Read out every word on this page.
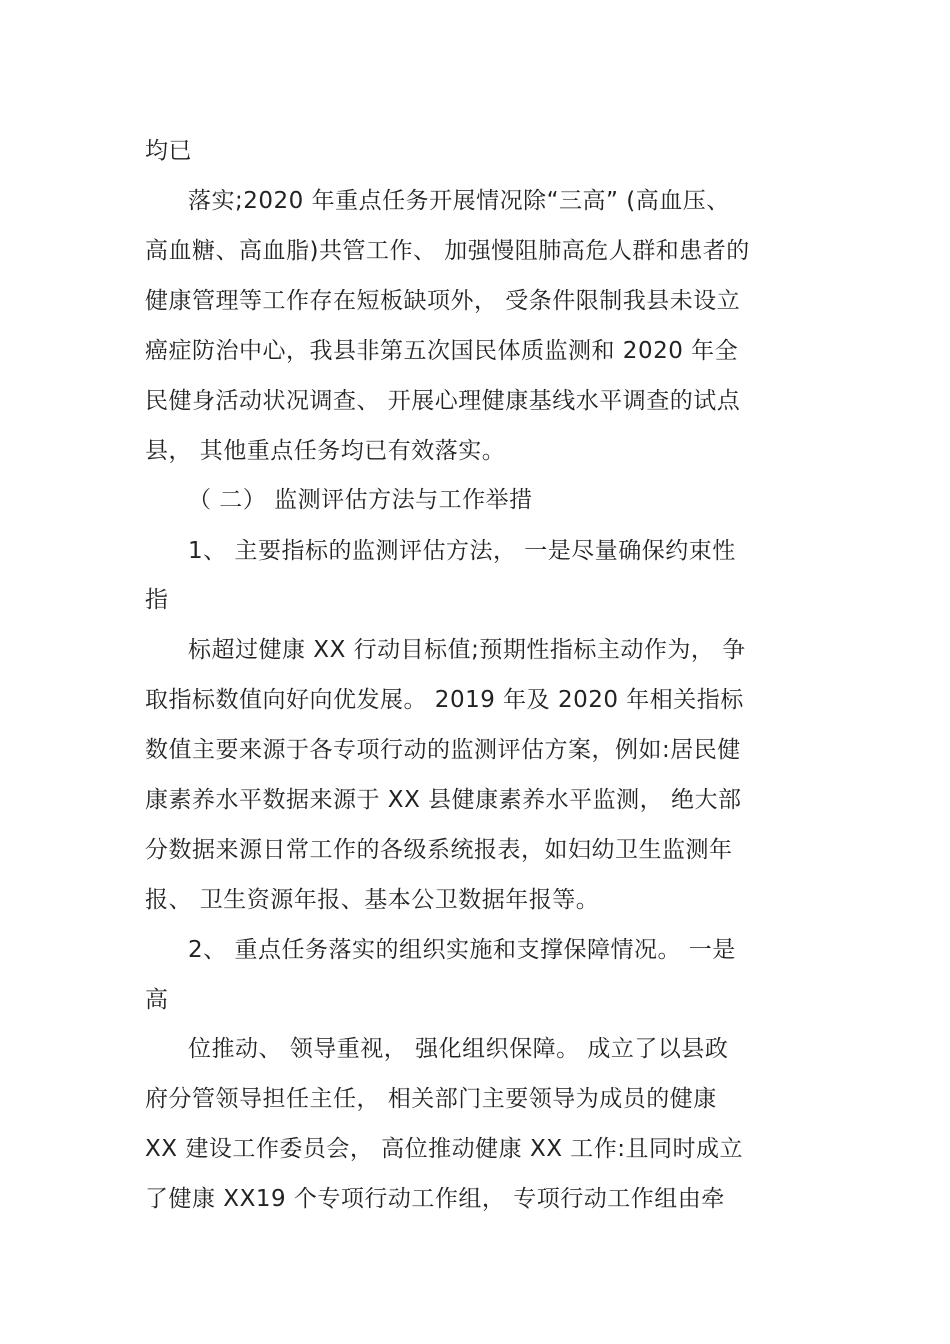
均已
落实;2020 年重点任务开展情况除“三高” (高血压、
高血糖、高血脂)共管工作、 加强慢阻肺高危人群和患者的
健康管理等工作存在短板缺项外， 受条件限制我县未设立
癌症防治中心，我县非第五次国民体质监测和 2020 年全
民健身活动状况调查、 开展心理健康基线水平调查的试点
县， 其他重点任务均已有效落实。
（ 二） 监测评估方法与工作举措
1、 主要指标的监测评估方法， 一是尽量确保约束性
指
标超过健康 XX 行动目标值;预期性指标主动作为， 争
取指标数值向好向优发展。 2019 年及 2020 年相关指标
数值主要来源于各专项行动的监测评估方案，例如:居民健
康素养水平数据来源于 XX 县健康素养水平监测， 绝大部
分数据来源日常工作的各级系统报表，如妇幼卫生监测年
报、 卫生资源年报、基本公卫数据年报等。
2、 重点任务落实的组织实施和支撑保障情况。 一是
高
位推动、 领导重视， 强化组织保障。 成立了以县政
府分管领导担任主任， 相关部门主要领导为成员的健康
XX 建设工作委员会， 高位推动健康 XX 工作:且同时成立
了健康 XX19 个专项行动工作组， 专项行动工作组由牵
